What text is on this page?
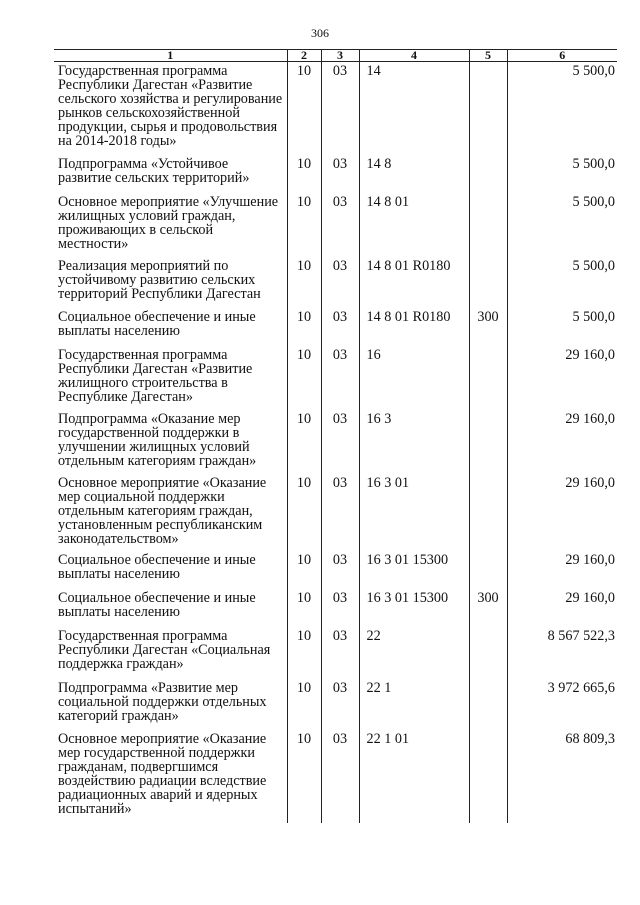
306
1	2	3	4	5	6
Государственная программа Республики Дагестан «Развитие сельского хозяйства и регулирование рынков сельскохозяйственной продукции, сырья и продовольствия на 2014-2018 годы»	10	03	14		5 500,0
Подпрограмма «Устойчивое развитие сельских территорий»	10	03	14 8		5 500,0
Основное мероприятие «Улучшение жилищных условий граждан, проживающих в сельской местности»	10	03	14 8 01		5 500,0
Реализация мероприятий по устойчивому развитию сельских территорий Республики Дагестан	10	03	14 8 01 R0180		5 500,0
Социальное обеспечение и иные выплаты населению	10	03	14 8 01 R0180	300	5 500,0
Государственная программа Республики Дагестан «Развитие жилищного строительства в Республике Дагестан»	10	03	16		29 160,0
Подпрограмма «Оказание мер государственной поддержки в улучшении жилищных условий отдельным категориям граждан»	10	03	16 3		29 160,0
Основное мероприятие «Оказание мер социальной поддержки отдельным категориям граждан, установленным республиканским законодательством»	10	03	16 3 01		29 160,0
Социальное обеспечение и иные выплаты населению	10	03	16 3 01 15300		29 160,0
Социальное обеспечение и иные выплаты населению	10	03	16 3 01 15300	300	29 160,0
Государственная программа Республики Дагестан «Социальная поддержка граждан»	10	03	22		8 567 522,3
Подпрограмма «Развитие мер социальной поддержки отдельных категорий граждан»	10	03	22 1		3 972 665,6
Основное мероприятие «Оказание мер государственной поддержки гражданам, подвергшимся воздействию радиации вследствие радиационных аварий и ядерных испытаний»	10	03	22 1 01		68 809,3
